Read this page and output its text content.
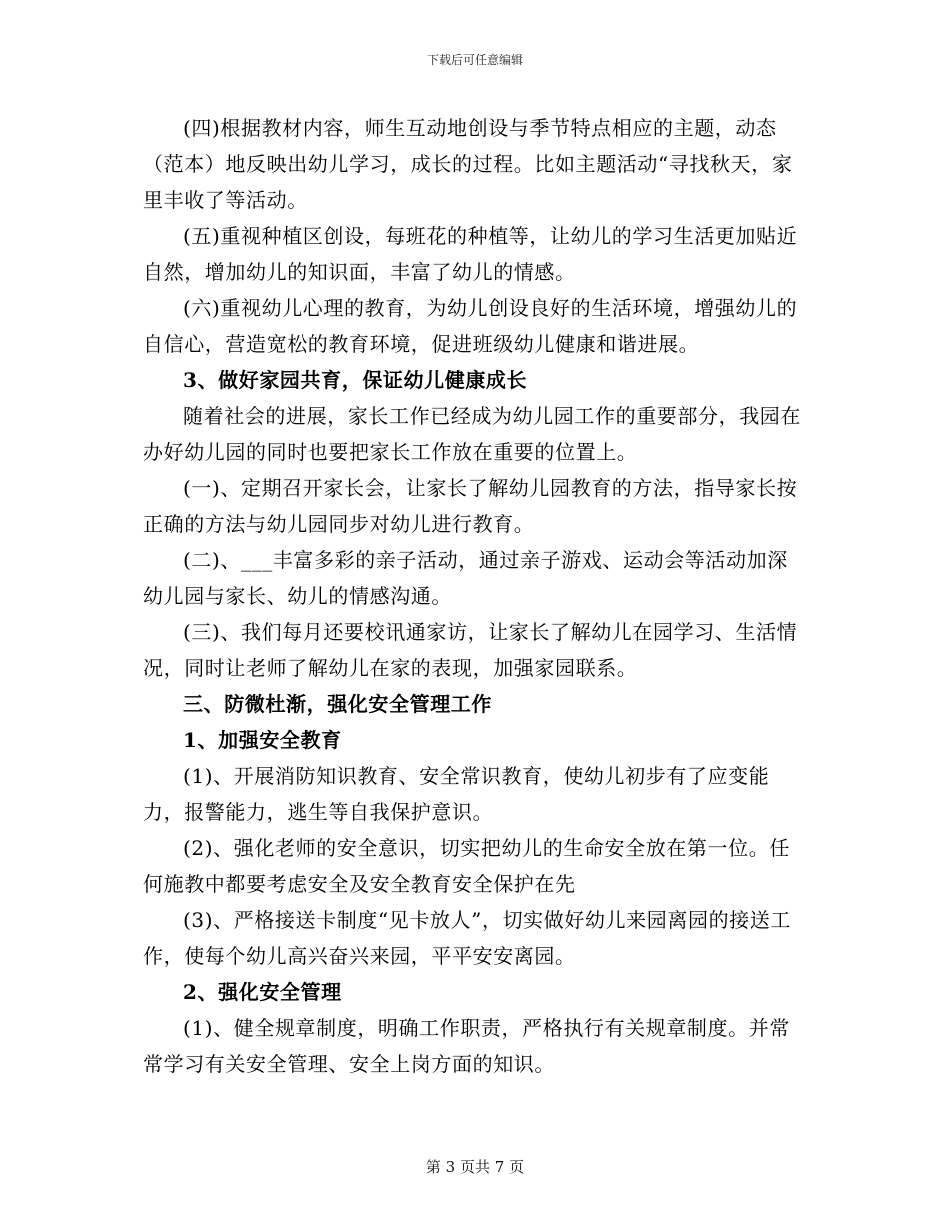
下载后可任意编辑

(四)根据教材内容，师生互动地创设与季节特点相应的主题，动态（范本）地反映出幼儿学习，成长的过程。比如主题活动“寻找秋天，家里丰收了等活动。

(五)重视种植区创设，每班花的种植等，让幼儿的学习生活更加贴近自然，增加幼儿的知识面，丰富了幼儿的情感。

(六)重视幼儿心理的教育，为幼儿创设良好的生活环境，增强幼儿的自信心，营造宽松的教育环境，促进班级幼儿健康和谐进展。

3、做好家园共育，保证幼儿健康成长

随着社会的进展，家长工作已经成为幼儿园工作的重要部分，我园在办好幼儿园的同时也要把家长工作放在重要的位置上。

(一)、定期召开家长会，让家长了解幼儿园教育的方法，指导家长按正确的方法与幼儿园同步对幼儿进行教育。

(二)、___丰富多彩的亲子活动，通过亲子游戏、运动会等活动加深幼儿园与家长、幼儿的情感沟通。

(三)、我们每月还要校讯通家访，让家长了解幼儿在园学习、生活情况，同时让老师了解幼儿在家的表现，加强家园联系。

三、防微杜渐，强化安全管理工作

1、加强安全教育

(1)、开展消防知识教育、安全常识教育，使幼儿初步有了应变能力，报警能力，逃生等自我保护意识。

(2)、强化老师的安全意识，切实把幼儿的生命安全放在第一位。任何施教中都要考虑安全及安全教育安全保护在先

(3)、严格接送卡制度“见卡放人”，切实做好幼儿来园离园的接送工作，使每个幼儿高兴奋兴来园，平平安安离园。

2、强化安全管理

(1)、健全规章制度，明确工作职责，严格执行有关规章制度。并常常学习有关安全管理、安全上岗方面的知识。

第 3 页共 7 页
